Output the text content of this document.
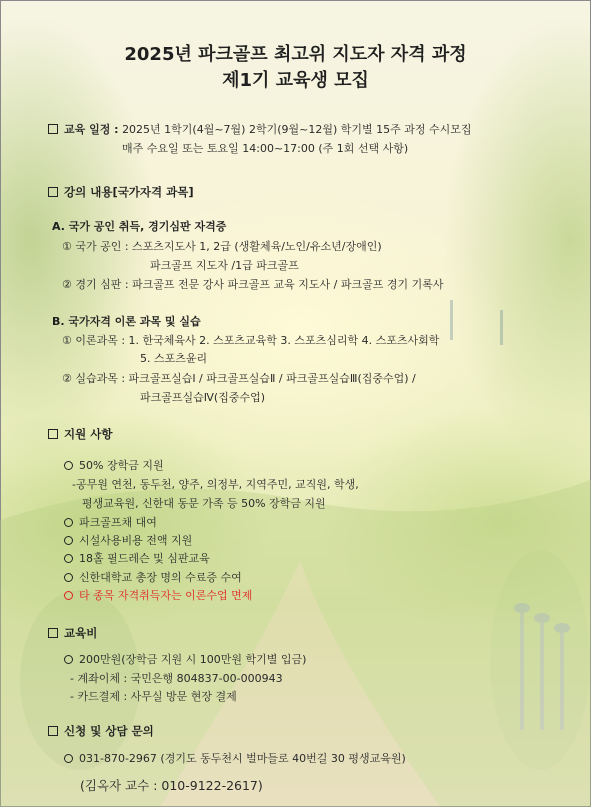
2025년 파크골프 최고위 지도자 자격 과정
제1기 교육생 모집
교육 일정 : 2025년 1학기(4월~7월) 2학기(9월~12월) 학기별 15주 과정 수시모집
매주 수요일 또는 토요일 14:00~17:00 (주 1회 선택 사항)
강의 내용[국가자격 과목]
A. 국가 공인 취득, 경기심판 자격증
① 국가 공인 : 스포츠지도사 1, 2급 (생활체육/노인/유소년/장애인)
파크골프 지도자 /1급 파크골프
② 경기 심판 : 파크골프 전문 강사 파크골프 교육 지도사 / 파크골프 경기 기록사
B. 국가자격 이론 과목 및 실습
① 이론과목 : 1. 한국체육사 2. 스포츠교육학 3. 스포츠심리학 4. 스포츠사회학
5. 스포츠윤리
② 실습과목 : 파크골프실습Ⅰ / 파크골프실습Ⅱ / 파크골프실습Ⅲ(집중수업) /
파크골프실습Ⅳ(집중수업)
지원 사항
50% 장학금 지원
-공무원 연천, 동두천, 양주, 의정부, 지역주민, 교직원, 학생,
평생교육원, 신한대 동문 가족 등 50% 장학금 지원
파크골프채 대여
시설사용비용 전액 지원
18홀 필드레슨 및 심판교육
신한대학교 총장 명의 수료증 수여
타 종목 자격취득자는 이론수업 면제
교육비
200만원(장학금 지원 시 100만원 학기별 입금)
- 계좌이체 : 국민은행 804837-00-000943
- 카드결제 : 사무실 방문 현장 결제
신청 및 상담 문의
031-870-2967 (경기도 동두천시 벌마들로 40번길 30 평생교육원)
(김옥자 교수 : 010-9122-2617)
